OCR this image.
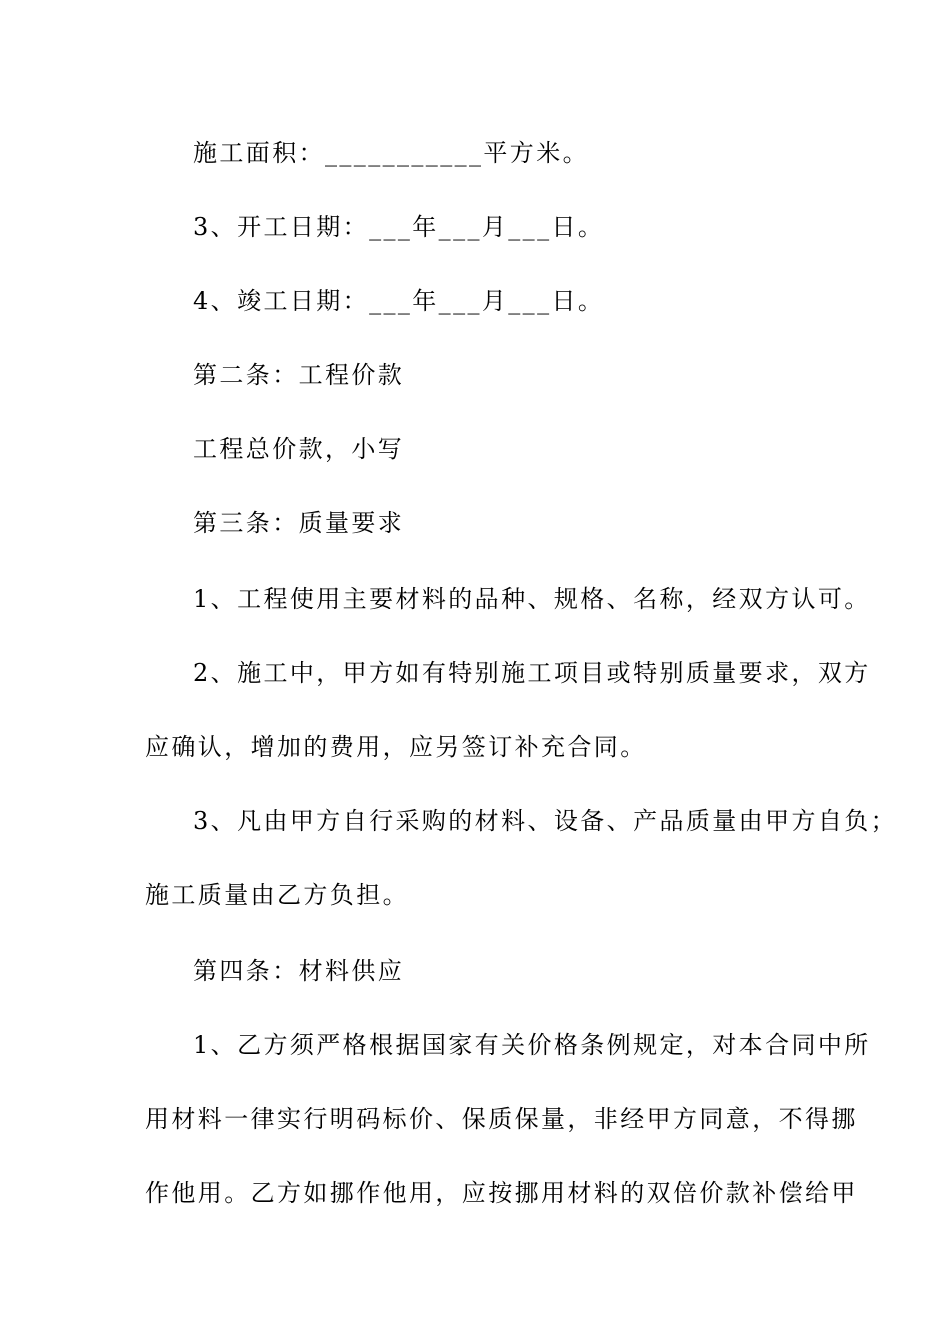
施工面积：___________平方米。
3、开工日期：___年___月___日。
4、竣工日期：___年___月___日。
第二条：工程价款
工程总价款，小写
第三条：质量要求
1、工程使用主要材料的品种、规格、名称，经双方认可。
2、施工中，甲方如有特别施工项目或特别质量要求，双方
应确认，增加的费用，应另签订补充合同。
3、凡由甲方自行采购的材料、设备、产品质量由甲方自负；
施工质量由乙方负担。
第四条：材料供应
1、乙方须严格根据国家有关价格条例规定，对本合同中所
用材料一律实行明码标价、保质保量，非经甲方同意，不得挪
作他用。乙方如挪作他用，应按挪用材料的双倍价款补偿给甲
